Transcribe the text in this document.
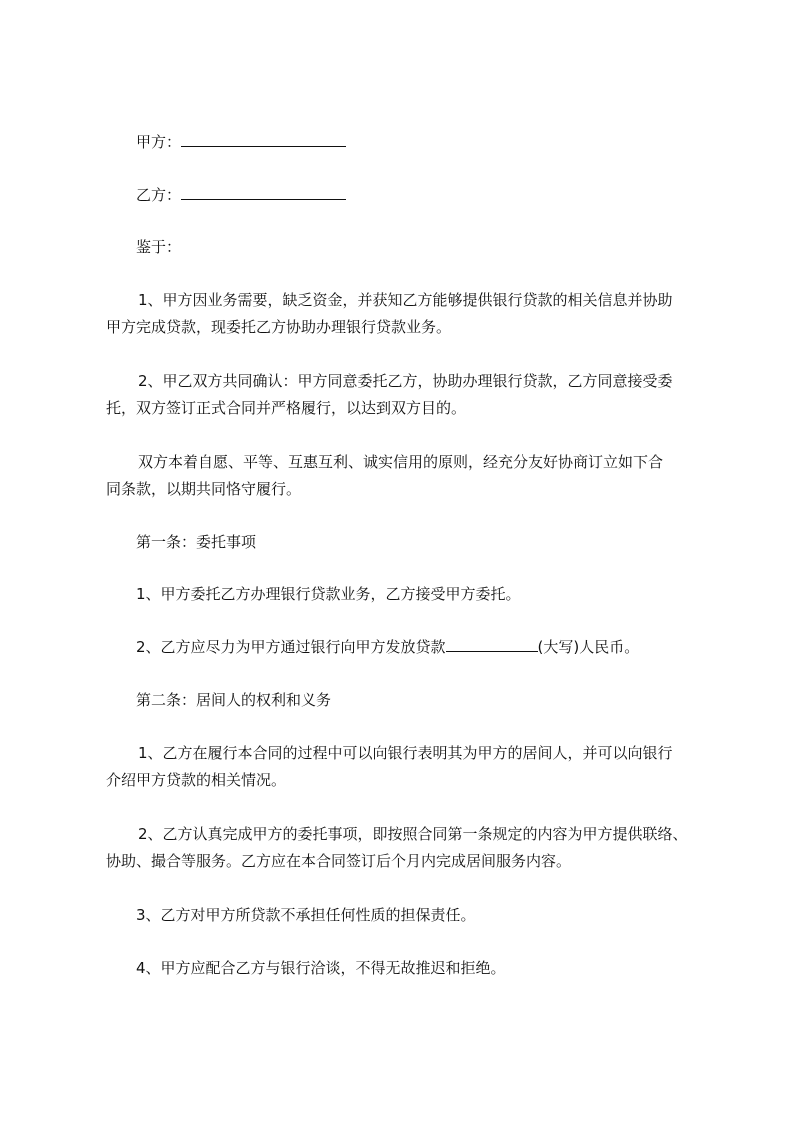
甲方：
乙方：
鉴于：
1、甲方因业务需要，缺乏资金，并获知乙方能够提供银行贷款的相关信息并协助
甲方完成贷款，现委托乙方协助办理银行贷款业务。
2、甲乙双方共同确认：甲方同意委托乙方，协助办理银行贷款，乙方同意接受委
托，双方签订正式合同并严格履行，以达到双方目的。
双方本着自愿、平等、互惠互利、诚实信用的原则，经充分友好协商订立如下合
同条款，以期共同恪守履行。
第一条：委托事项
1、甲方委托乙方办理银行贷款业务，乙方接受甲方委托。
2、乙方应尽力为甲方通过银行向甲方发放贷款	(大写)人民币。
第二条：居间人的权利和义务
1、乙方在履行本合同的过程中可以向银行表明其为甲方的居间人，并可以向银行
介绍甲方贷款的相关情况。
2、乙方认真完成甲方的委托事项，即按照合同第一条规定的内容为甲方提供联络、
协助、撮合等服务。乙方应在本合同签订后个月内完成居间服务内容。
3、乙方对甲方所贷款不承担任何性质的担保责任。
4、甲方应配合乙方与银行洽谈，不得无故推迟和拒绝。
